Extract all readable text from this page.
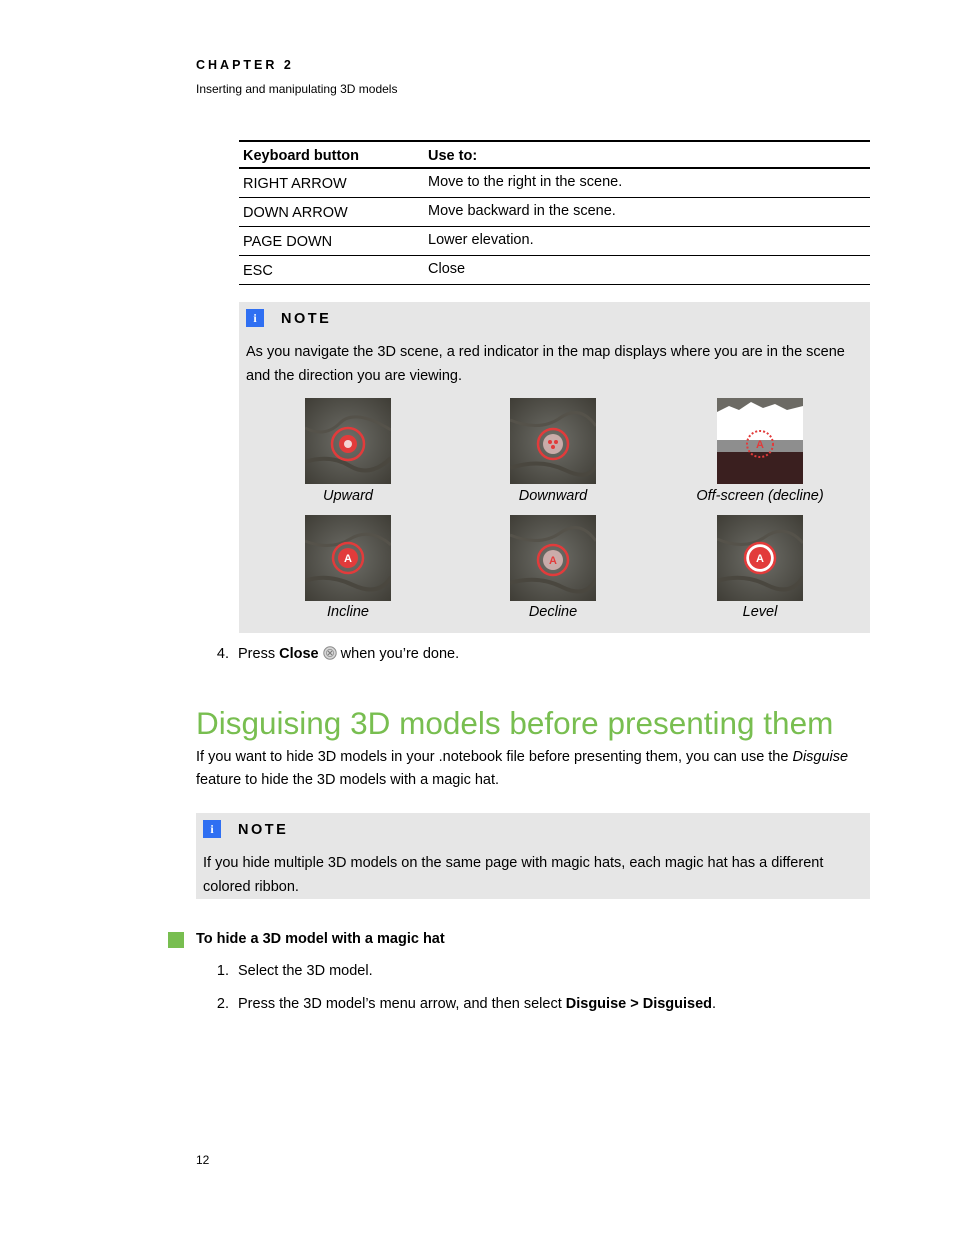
CHAPTER 2
Inserting and manipulating 3D models
Keyboard button	Use to:
RIGHT ARROW	Move to the right in the scene.
DOWN ARROW	Move backward in the scene.
PAGE DOWN	Lower elevation.
ESC	Close
i	NOTE
As you navigate the 3D scene, a red indicator in the map displays where you are in the scene and the direction you are viewing.
A
Upward	Downward	Off-screen (decline)
A	A	A
Incline	Decline	Level
4. Press Close  when you’re done.
Disguising 3D models before presenting them
If you want to hide 3D models in your .notebook file before presenting them, you can use the Disguise feature to hide the 3D models with a magic hat.
i	NOTE
If you hide multiple 3D models on the same page with magic hats, each magic hat has a different colored ribbon.
To hide a 3D model with a magic hat
1. Select the 3D model.
2. Press the 3D model’s menu arrow, and then select Disguise > Disguised.
12
